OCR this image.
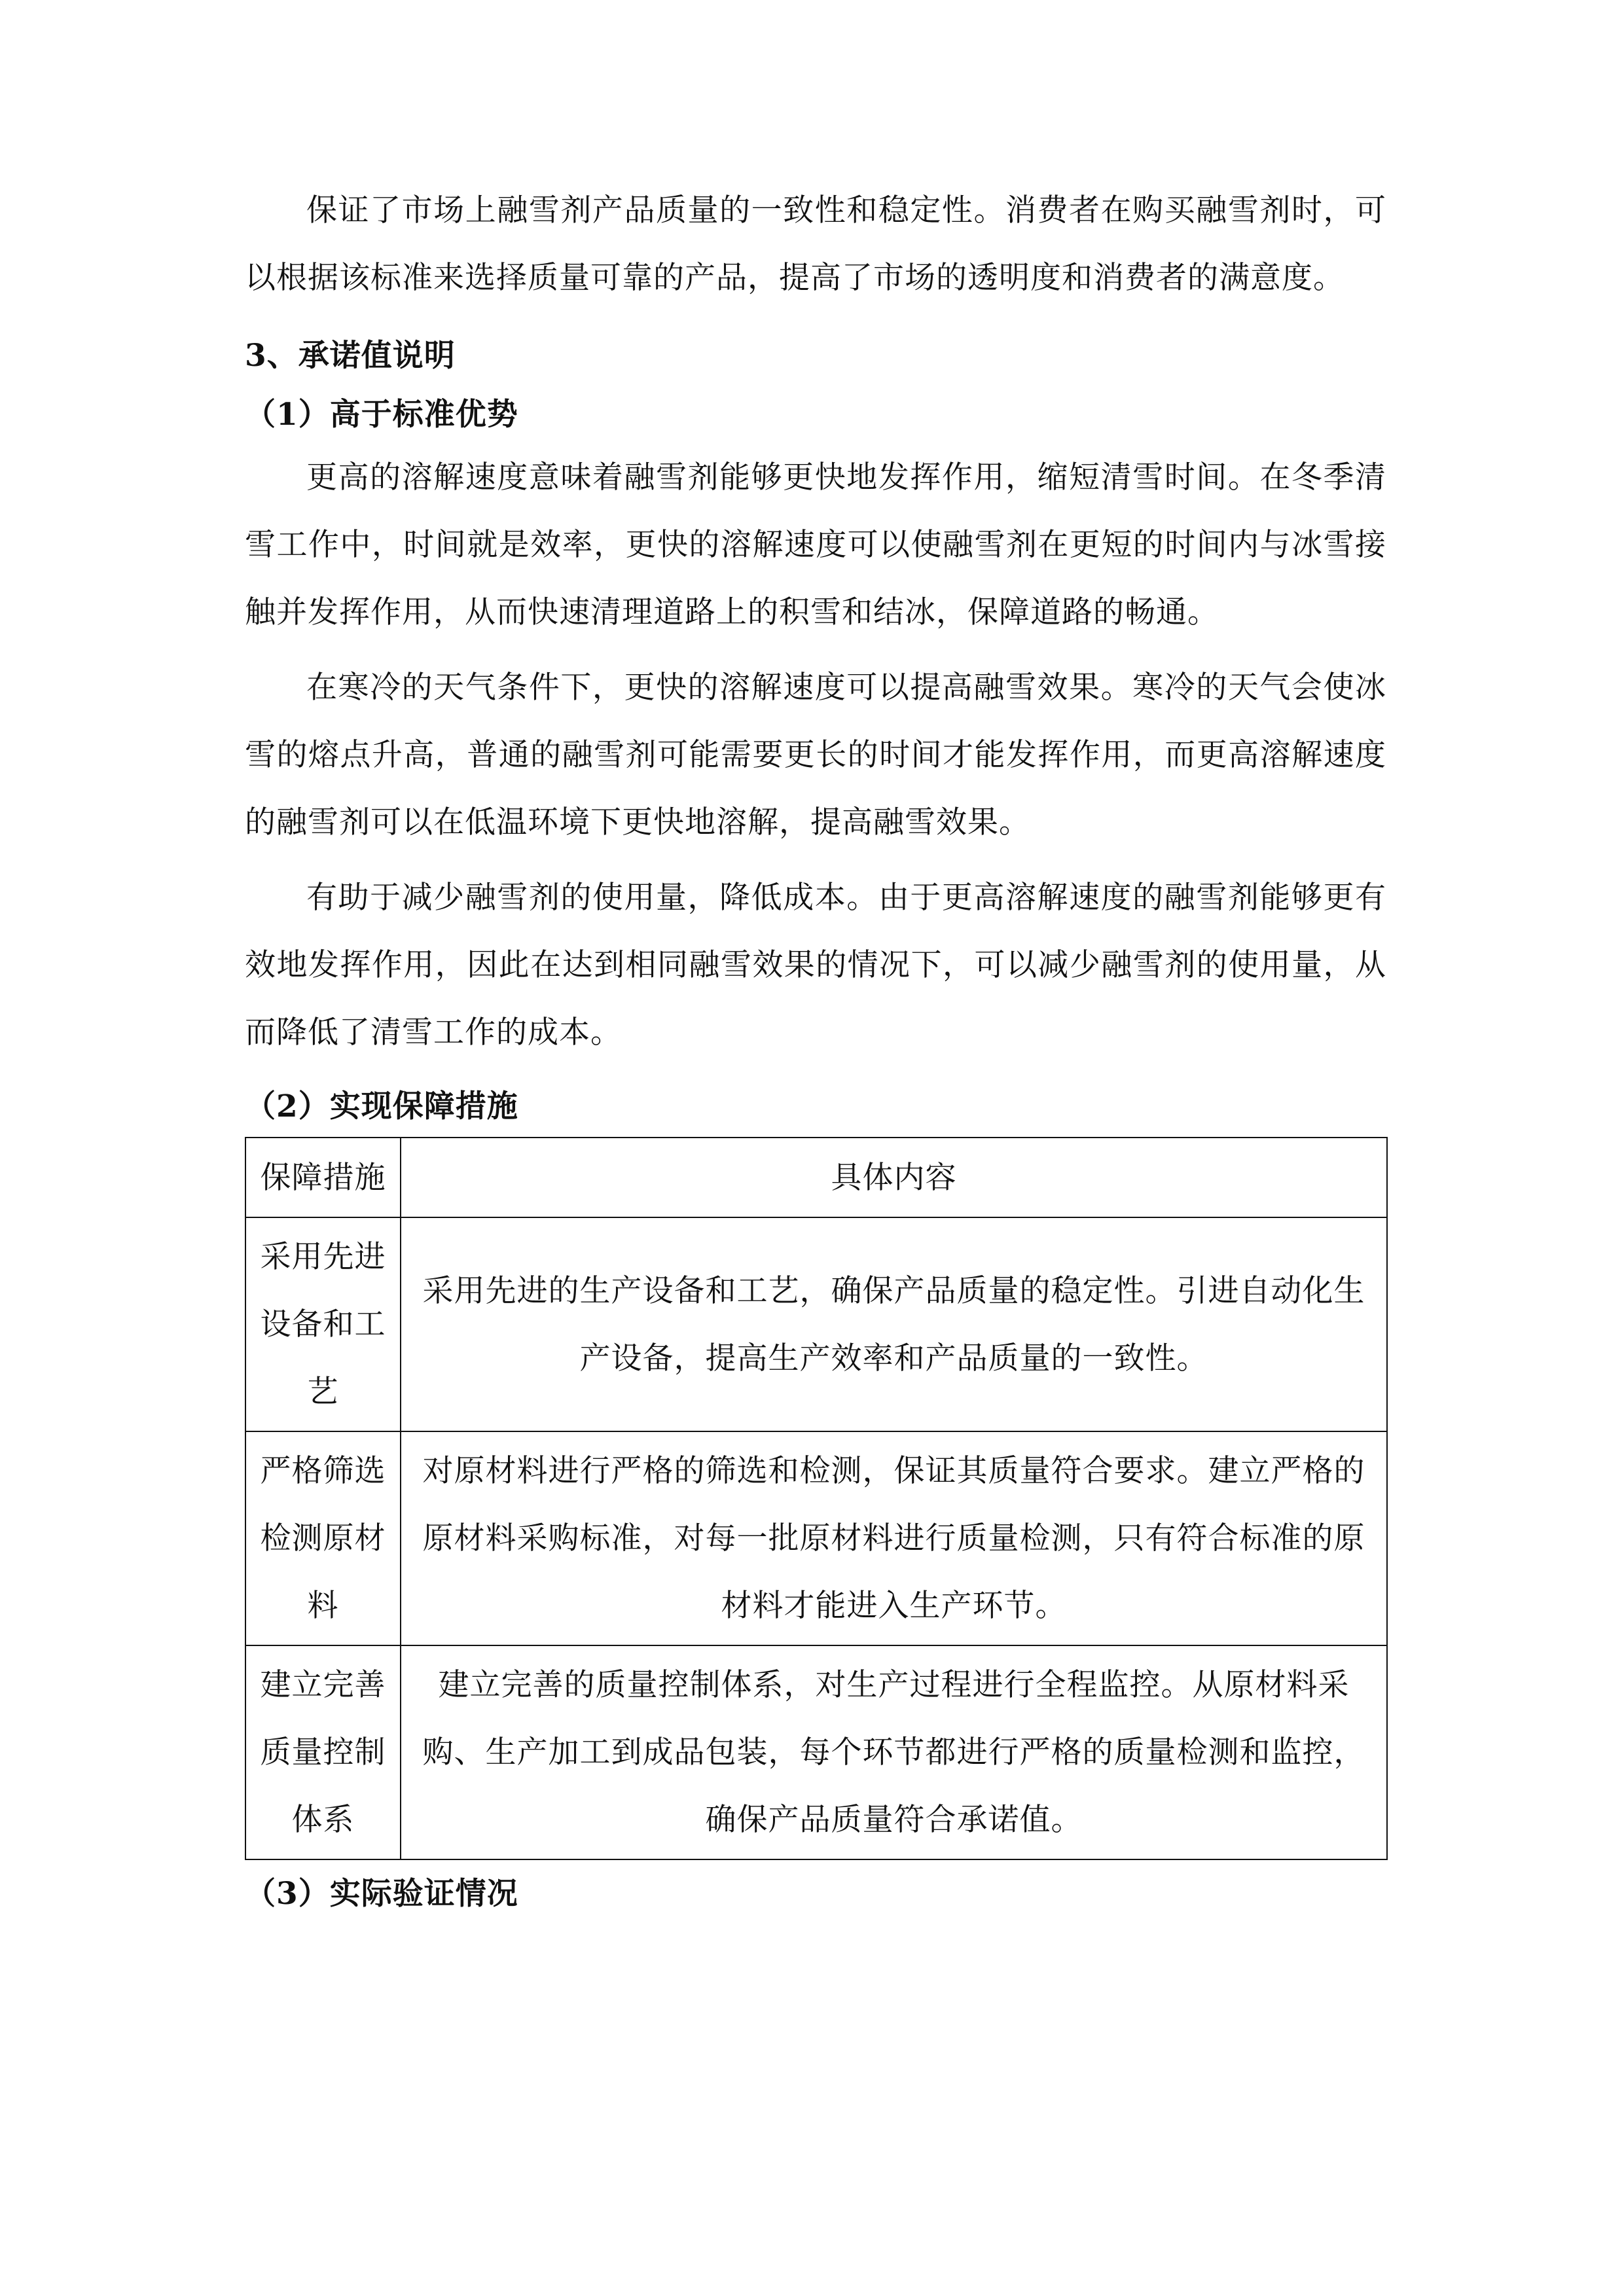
保证了市场上融雪剂产品质量的一致性和稳定性。消费者在购买融雪剂时，可以根据该标准来选择质量可靠的产品，提高了市场的透明度和消费者的满意度。

3、承诺值说明
（1）高于标准优势

更高的溶解速度意味着融雪剂能够更快地发挥作用，缩短清雪时间。在冬季清雪工作中，时间就是效率，更快的溶解速度可以使融雪剂在更短的时间内与冰雪接触并发挥作用，从而快速清理道路上的积雪和结冰，保障道路的畅通。

在寒冷的天气条件下，更快的溶解速度可以提高融雪效果。寒冷的天气会使冰雪的熔点升高，普通的融雪剂可能需要更长的时间才能发挥作用，而更高溶解速度的融雪剂可以在低温环境下更快地溶解，提高融雪效果。

有助于减少融雪剂的使用量，降低成本。由于更高溶解速度的融雪剂能够更有效地发挥作用，因此在达到相同融雪效果的情况下，可以减少融雪剂的使用量，从而降低了清雪工作的成本。

（2）实现保障措施
保障措施	具体内容
采用先进设备和工艺	采用先进的生产设备和工艺，确保产品质量的稳定性。引进自动化生产设备，提高生产效率和产品质量的一致性。
严格筛选检测原材料	对原材料进行严格的筛选和检测，保证其质量符合要求。建立严格的原材料采购标准，对每一批原材料进行质量检测，只有符合标准的原材料才能进入生产环节。
建立完善质量控制体系	建立完善的质量控制体系，对生产过程进行全程监控。从原材料采购、生产加工到成品包装，每个环节都进行严格的质量检测和监控，确保产品质量符合承诺值。
（3）实际验证情况
